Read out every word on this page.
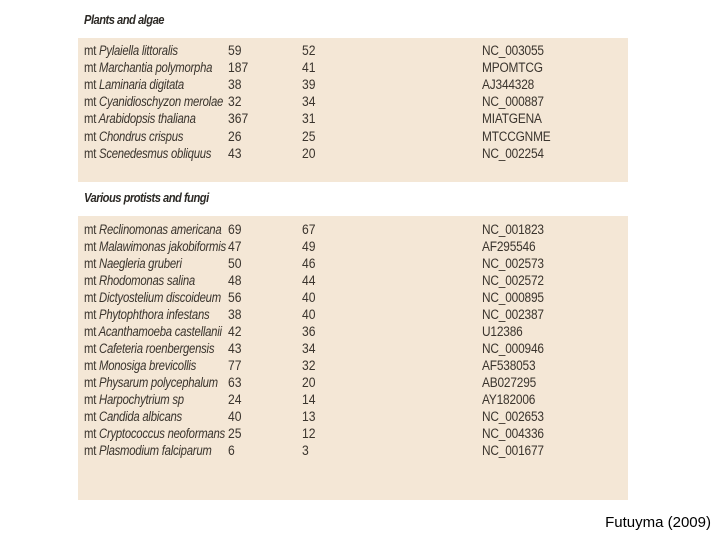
Plants and algae
mt Pylaiella littoralis	59	52	NC_003055
mt Marchantia polymorpha 187	41	MPOMTCG
mt Laminaria digitata	38	39	AJ344328
mt Cyanidioschyzon merolae 32	34	NC_000887
mt Arabidopsis thaliana 367	31	MIATGENA
mt Chondrus crispus	26	25	MTCCGNME
mt Scenedesmus obliquus 43	20	NC_002254
Various protists and fungi
mt Reclinomonas americana 69	67	NC_001823
mt Malawimonas jakobiformis 47	49	AF295546
mt Naegleria gruberi	50	46	NC_002573
mt Rhodomonas salina 48	44	NC_002572
mt Dictyostelium discoideum 56	40	NC_000895
mt Phytophthora infestans 38	40	NC_002387
mt Acanthamoeba castellanii 42	36	U12386
mt Cafeteria roenbergensis 43	34	NC_000946
mt Monosiga brevicollis 77	32	AF538053
mt Physarum polycephalum 63	20	AB027295
mt Harpochytrium sp	24	14	AY182006
mt Candida albicans	40	13	NC_002653
mt Cryptococcus neoformans 25	12	NC_004336
mt Plasmodium falciparum 6	3	NC_001677
Futuyma (2009)
